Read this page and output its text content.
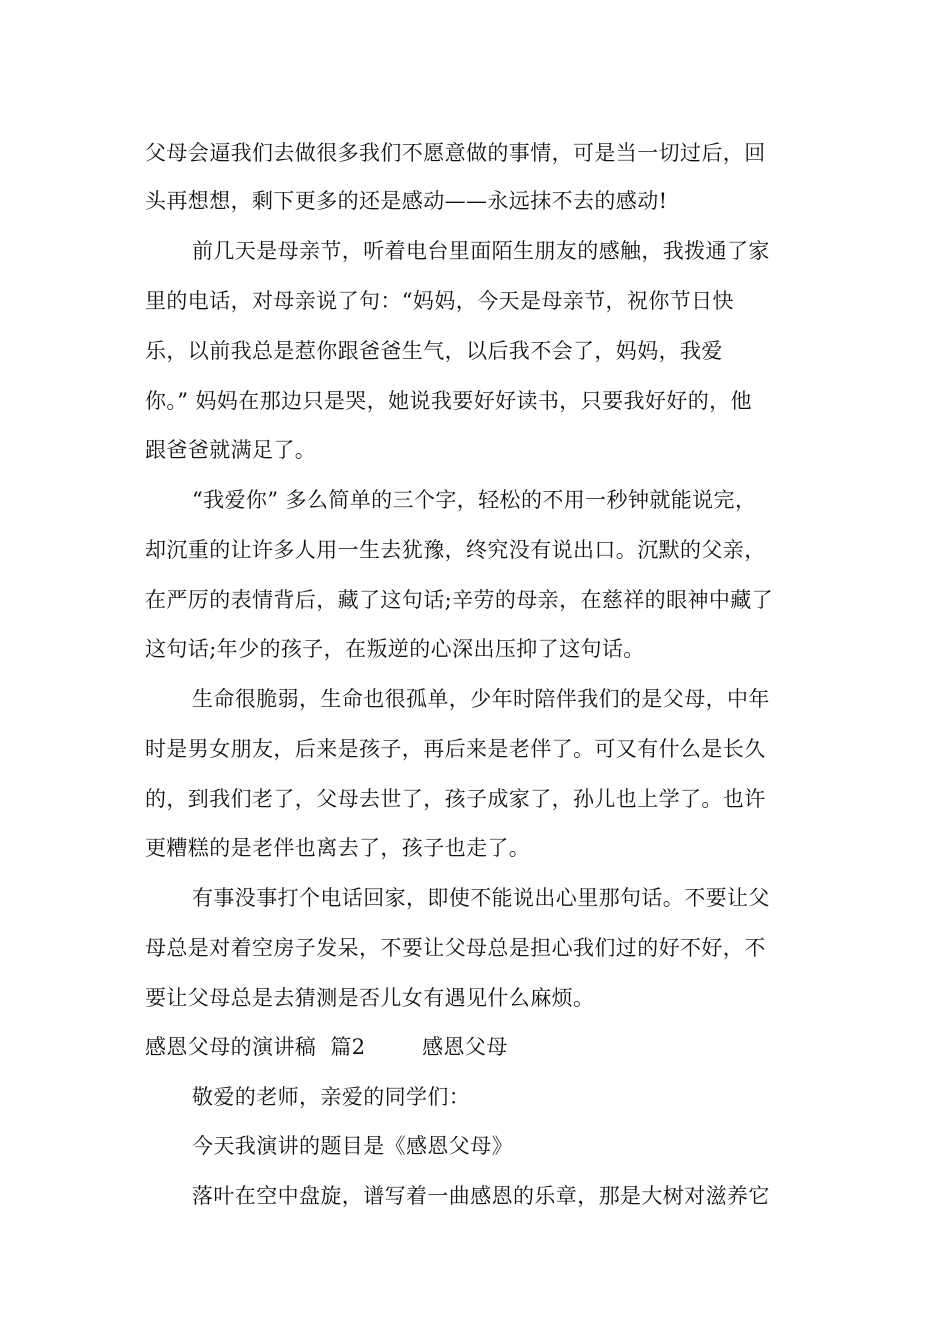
父母会逼我们去做很多我们不愿意做的事情，可是当一切过后，回
头再想想，剩下更多的还是感动——永远抹不去的感动!
前几天是母亲节，听着电台里面陌生朋友的感触，我拨通了家
里的电话，对母亲说了句：“妈妈，今天是母亲节，祝你节日快
乐，以前我总是惹你跟爸爸生气，以后我不会了，妈妈，我爱
你。” 妈妈在那边只是哭，她说我要好好读书，只要我好好的，他
跟爸爸就满足了。
“我爱你” 多么简单的三个字，轻松的不用一秒钟就能说完，
却沉重的让许多人用一生去犹豫，终究没有说出口。沉默的父亲，
在严厉的表情背后，藏了这句话;辛劳的母亲，在慈祥的眼神中藏了
这句话;年少的孩子，在叛逆的心深出压抑了这句话。
生命很脆弱，生命也很孤单，少年时陪伴我们的是父母，中年
时是男女朋友，后来是孩子，再后来是老伴了。可又有什么是长久
的，到我们老了，父母去世了，孩子成家了，孙儿也上学了。也许
更糟糕的是老伴也离去了，孩子也走了。
有事没事打个电话回家，即使不能说出心里那句话。不要让父
母总是对着空房子发呆，不要让父母总是担心我们过的好不好，不
要让父母总是去猜测是否儿女有遇见什么麻烦。
感恩父母的演讲稿  篇2        感恩父母
敬爱的老师，亲爱的同学们：
今天我演讲的题目是《感恩父母》
落叶在空中盘旋，谱写着一曲感恩的乐章，那是大树对滋养它
